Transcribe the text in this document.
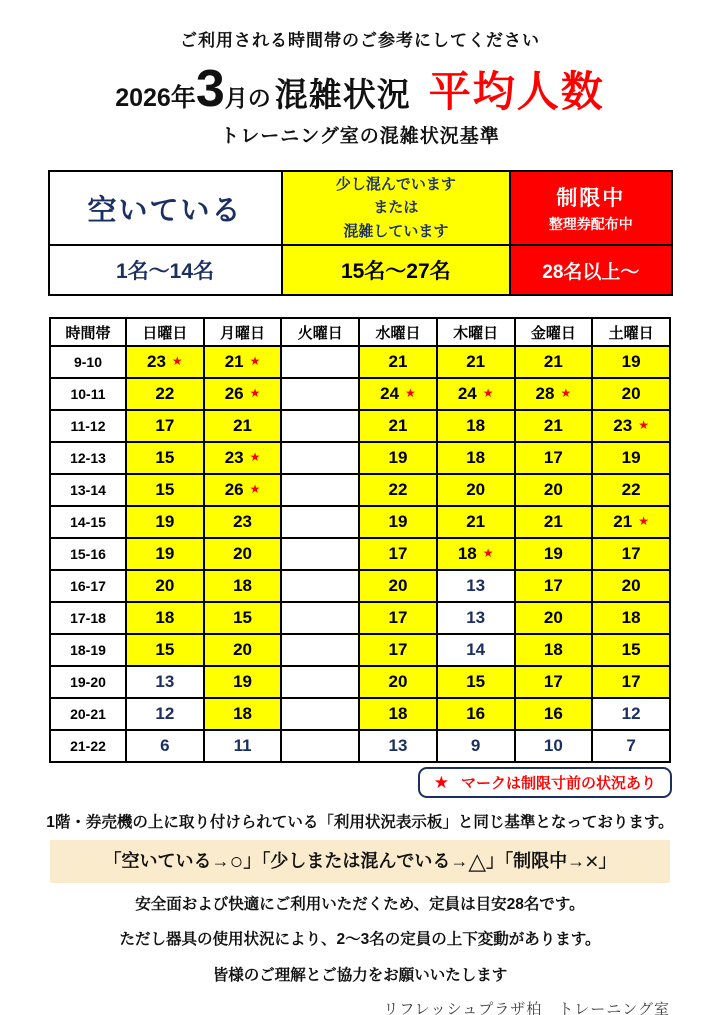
ご利用される時間帯のご参考にしてください
2026年 3 月の 混雑状況 平均人数
トレーニング室の混雑状況基準
空いている	少し混んでいます
または
混雑しています	制限中
整理券配布中

1名〜14名	15名〜27名	28名以上〜
時間帯	日曜日	月曜日	火曜日	水曜日	木曜日	金曜日	土曜日
9-10	23 ★	21 ★		21	21	21	19
10-11	22	26 ★		24 ★	24 ★	28 ★	20
11-12	17	21		21	18	21	23 ★
12-13	15	23 ★		19	18	17	19
13-14	15	26 ★		22	20	20	22
14-15	19	23		19	21	21	21 ★
15-16	19	20		17	18 ★	19	17
16-17	20	18		20	13	17	20
17-18	18	15		17	13	20	18
18-19	15	20		17	14	18	15
19-20	13	19		20	15	17	17
20-21	12	18		18	16	16	12
21-22	6	11		13	9	10	7
★ マークは制限寸前の状況あり
1階・券売機の上に取り付けられている「利用状況表示板」と同じ基準となっております。
「空いている→○」「少しまたは混んでいる→△」「制限中→×」
安全面および快適にご利用いただくため、定員は目安28名です。
ただし器具の使用状況により、2〜3名の定員の上下変動があります。
皆様のご理解とご協力をお願いいたします
リフレッシュプラザ柏　トレーニング室
